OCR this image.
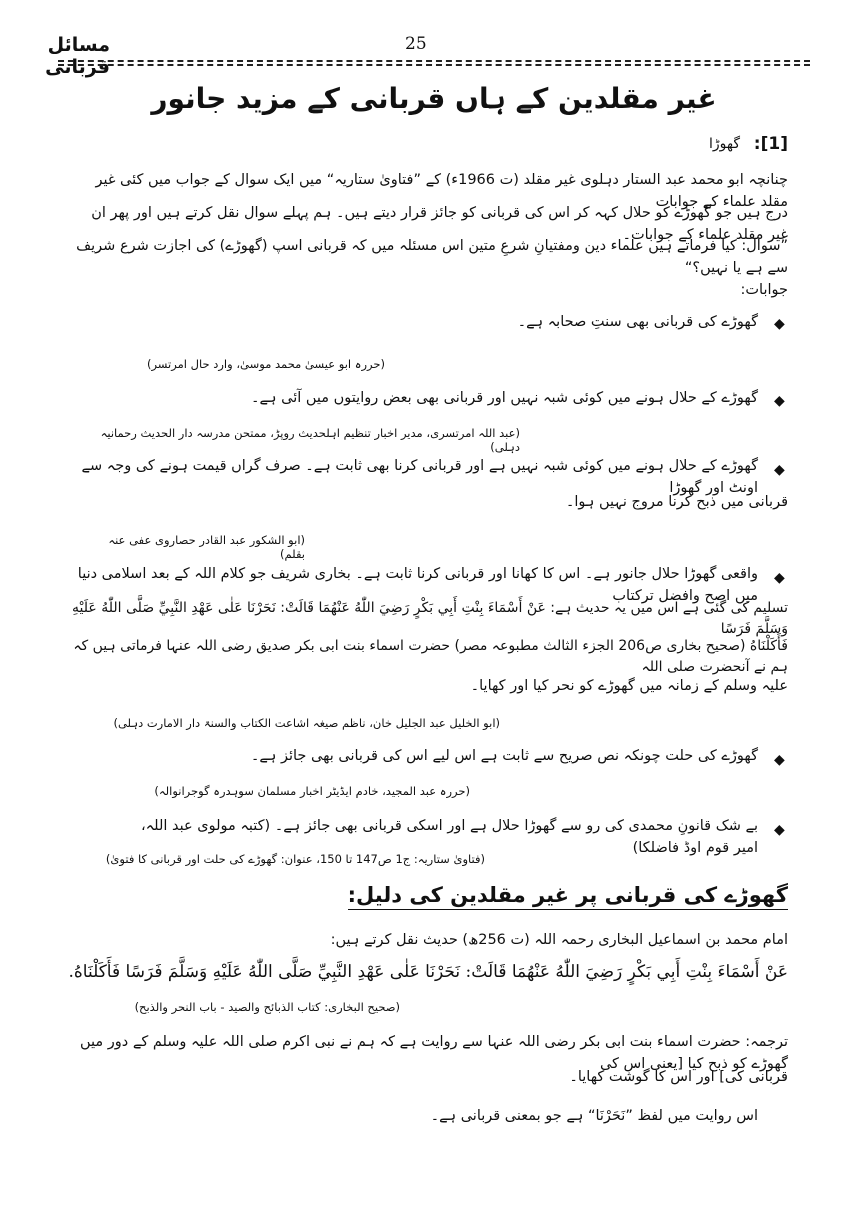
مسائل قربانی
25
غیر مقلدین کے ہاں قربانی کے مزید جانور
[1]:
گھوڑا
چنانچہ ابو محمد عبد الستار دہلوی غیر مقلد (ت 1966ء) کے ”فتاویٰ ستاریہ“ میں ایک سوال کے جواب میں کئی غیر مقلد علماء کے جوابات
درج ہیں جو گھوڑے کو حلال کہہ کر اس کی قربانی کو جائز قرار دیتے ہیں۔ ہم پہلے سوال نقل کرتے ہیں اور پھر ان غیر مقلد علماء کے جوابات۔
”سوال: کیا فرماتے ہیں علماء دین ومفتیانِ شرعِ متین اس مسئلہ میں کہ قربانی اسپ (گھوڑے) کی اجازت شرع شریف سے ہے یا نہیں؟“
جوابات:
◆
گھوڑے کی قربانی بھی سنتِ صحابہ ہے۔
(حررہ ابو عیسیٰ محمد موسیٰ، وارد حال امرتسر)
◆
گھوڑے کے حلال ہونے میں کوئی شبہ نہیں اور قربانی بھی بعض روایتوں میں آئی ہے۔
(عبد اللہ امرتسری، مدیر اخبار تنظیم اہلحدیث روپڑ، ممتحن مدرسہ دار الحدیث رحمانیہ دہلی)
◆
گھوڑے کے حلال ہونے میں کوئی شبہ نہیں ہے اور قربانی کرنا بھی ثابت ہے۔ صرف گراں قیمت ہونے کی وجہ سے اونٹ اور گھوڑا
قربانی میں ذبح کرنا مروج نہیں ہوا۔
(ابو الشکور عبد القادر حصاروی عفی عنہ بقلم)
◆
واقعی گھوڑا حلال جانور ہے۔ اس کا کھانا اور قربانی کرنا ثابت ہے۔ بخاری شریف جو کلام اللہ کے بعد اسلامی دنیا میں اصح وافضل ترکتاب
تسلیم کی گئی ہے اس میں یہ حدیث ہے: عَنْ أَسْمَاءَ بِنْتِ أَبِي بَكْرٍ رَضِيَ اللّٰهُ عَنْهُمَا قَالَتْ: نَحَرْنَا عَلٰى عَهْدِ النَّبِيِّ صَلَّى اللّٰهُ عَلَيْهِ وَسَلَّمَ فَرَسًا
فَأَكَلْنَاهُ (صحیح بخاری ص206 الجزء الثالث مطبوعہ مصر) حضرت اسماء بنت ابی بکر صدیق رضی اللہ عنہا فرماتی ہیں کہ ہم نے آنحضرت صلی اللہ
علیہ وسلم کے زمانہ میں گھوڑے کو نحر کیا اور کھایا۔
(ابو الخلیل عبد الجلیل خان، ناظم صیغہ اشاعت الکتاب والسنۃ دار الامارت دہلی)
◆
گھوڑے کی حلت چونکہ نص صریح سے ثابت ہے اس لیے اس کی قربانی بھی جائز ہے۔
(حررہ عبد المجید، خادم ایڈیٹر اخبار مسلمان سوہدرہ گوجرانوالہ)
◆
بے شک قانونِ محمدی کی رو سے گھوڑا حلال ہے اور اسکی قربانی بھی جائز ہے۔ (کتبہ مولوی عبد اللہ، امیر قوم اوڈ فاضلکا)
(فتاویٰ ستاریہ: ج1 ص147 تا 150، عنوان: گھوڑے کی حلت اور قربانی کا فتویٰ)
گھوڑے کی قربانی پر غیر مقلدین کی دلیل:
امام محمد بن اسماعیل البخاری رحمہ اللہ (ت 256ھ) حدیث نقل کرتے ہیں:
عَنْ أَسْمَاءَ بِنْتِ أَبِي بَكْرٍ رَضِيَ اللّٰهُ عَنْهُمَا قَالَتْ: نَحَرْنَا عَلٰى عَهْدِ النَّبِيِّ صَلَّى اللّٰهُ عَلَيْهِ وَسَلَّمَ فَرَسًا فَأَكَلْنَاهُ.
(صحیح البخاری: کتاب الذبائح والصید - باب النحر والذبح)
ترجمہ: حضرت اسماء بنت ابی بکر رضی اللہ عنہا سے روایت ہے کہ ہم نے نبی اکرم صلی اللہ علیہ وسلم کے دور میں گھوڑے کو ذبح کیا [یعنی اس کی
قربانی کی] اور اس کا گوشت کھایا۔
اس روایت میں لفظ ”نَحَرْنَا“ ہے جو بمعنی قربانی ہے۔
